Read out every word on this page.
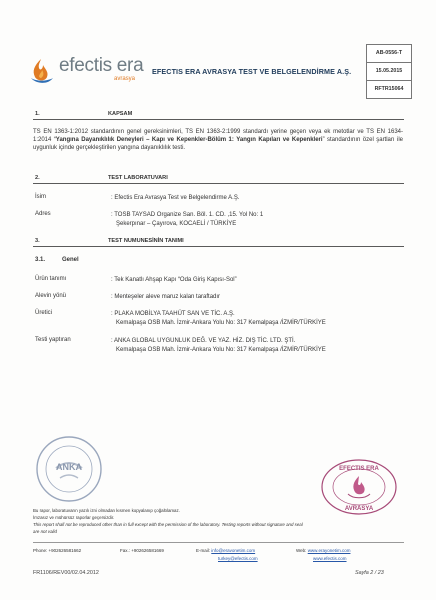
efectis era
avrasya
EFECTIS ERA AVRASYA TEST VE BELGELENDİRME A.Ş.
AB-0556-T
15.05.2015
RFTR15064
1.	KAPSAM
TS EN 1363-1:2012 standardının genel gereksinimleri, TS EN 1363-2:1999 standardı yerine geçen veya ek metotlar ve TS EN 1634-1:2014 “Yangına Dayanıklılık Deneyleri – Kapı ve Kepenkler-Bölüm 1: Yangın Kapıları ve Kepenkleri” standardının özel şartları ile uygunluk içinde gerçekleştirilen yangına dayanıklılık testi.
2.	TEST LABORATUVARI
İsim	: Efectis Era Avrasya Test ve Belgelendirme A.Ş.
Adres	: TOSB TAYSAD Organize San. Böl. 1. CD. ,15. Yol No: 1
Şekerpınar – Çayırova, KOCAELİ / TÜRKİYE
3.	TEST NUMUNESİNİN TANIMI
3.1.	Genel
Ürün tanımı	: Tek Kanatlı Ahşap Kapı “Oda Giriş Kapısı-Sol”
Alevin yönü	: Menteşeler aleve maruz kalan taraftadır
Üretici	: PLAKA MOBİLYA TAAHÜT SAN VE TİC. A.Ş.
Kemalpaşa OSB Mah. İzmir-Ankara Yolu No: 317 Kemalpaşa /İZMİR/TÜRKİYE
Testi yaptıran	: ANKA GLOBAL UYGUNLUK DEĞ. VE YAZ. HİZ. DIŞ TİC. LTD. ŞTİ.
Kemalpaşa OSB Mah. İzmir-Ankara Yolu No: 317 Kemalpaşa /İZMİR/TÜRKİYE
ANKA	EFECTIS ERA
AVRASYA
Bu rapor, laboratuvarın yazılı izni olmadan kısmen kopyalanıp çoğaltılamaz.
İmzasız ve mühürsüz raporlar geçersizdir.
This report shall not be reproduced other than in full except with the permission of the laboratory. Testing reports without signature and seal
are not valid
Phone: +902626581662	Fax.: +902626581669	E-mail: info@eravonetim.com
turkey@efectis.com
Web: www.erayonetim.com
www.efectis.com
FR1106/REV00/02.04.2012	Sayfa 2 / 23
